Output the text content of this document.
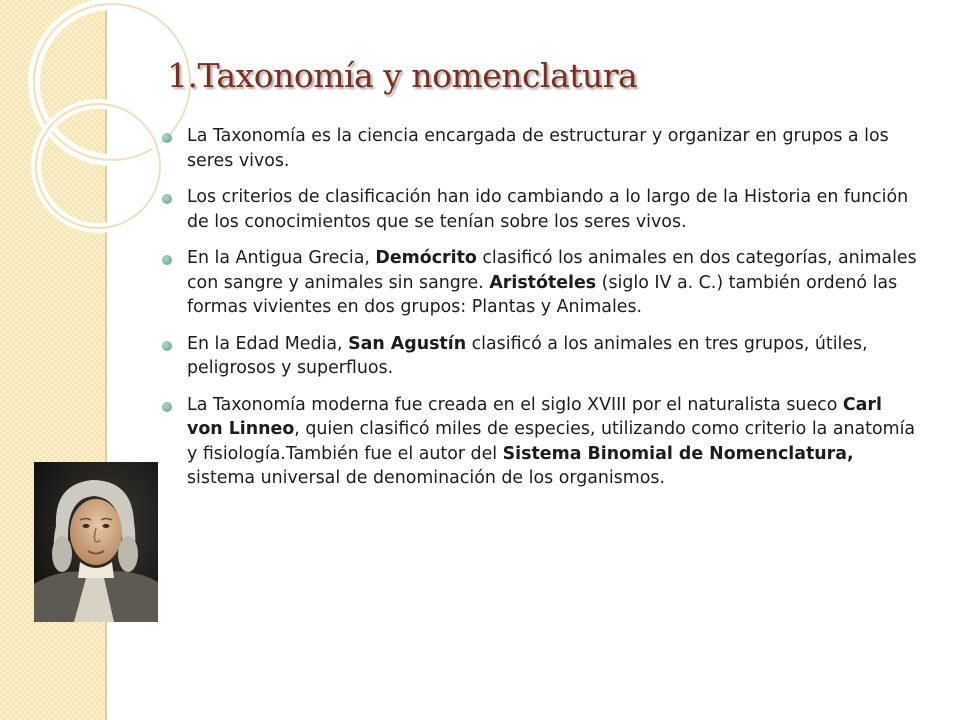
1.Taxonomía y nomenclatura
La Taxonomía es la ciencia encargada de estructurar y organizar en grupos a los seres vivos.
Los criterios de clasificación han ido cambiando a lo largo de la Historia en función de los conocimientos que se tenían sobre los seres vivos.
En la Antigua Grecia, Demócrito clasificó los animales en dos categorías, animales con sangre y animales sin sangre. Aristóteles (siglo IV a. C.) también ordenó las formas vivientes en dos grupos: Plantas y Animales.
En la Edad Media, San Agustín clasificó a los animales en tres grupos, útiles, peligrosos y superfluos.
La Taxonomía moderna fue creada en el siglo XVIII por el naturalista sueco Carl von Linneo, quien clasificó miles de especies, utilizando como criterio la anatomía y fisiología.También fue el autor del Sistema Binomial de Nomenclatura, sistema universal de denominación de los organismos.
